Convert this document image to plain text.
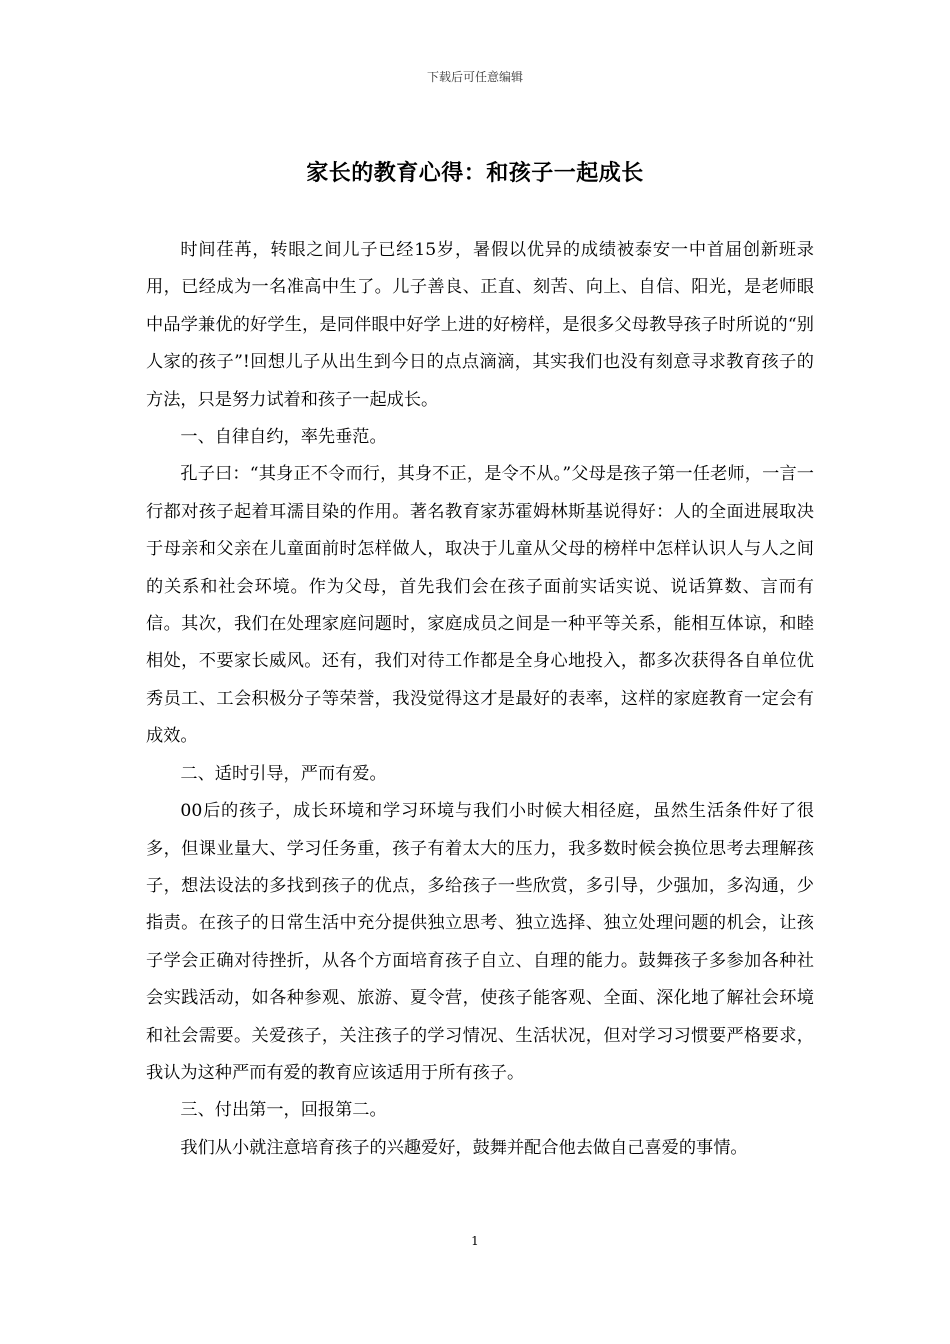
下载后可任意编辑
家长的教育心得：和孩子一起成长

时间荏苒，转眼之间儿子已经15岁，暑假以优异的成绩被泰安一中首届创新班录用，已经成为一名准高中生了。儿子善良、正直、刻苦、向上、自信、阳光，是老师眼中品学兼优的好学生，是同伴眼中好学上进的好榜样，是很多父母教导孩子时所说的“别人家的孩子”!回想儿子从出生到今日的点点滴滴，其实我们也没有刻意寻求教育孩子的方法，只是努力试着和孩子一起成长。

一、自律自约，率先垂范。

孔子曰：“其身正不令而行，其身不正，是令不从。”父母是孩子第一任老师，一言一行都对孩子起着耳濡目染的作用。著名教育家苏霍姆林斯基说得好：人的全面进展取决于母亲和父亲在儿童面前时怎样做人，取决于儿童从父母的榜样中怎样认识人与人之间的关系和社会环境。作为父母，首先我们会在孩子面前实话实说、说话算数、言而有信。其次，我们在处理家庭问题时，家庭成员之间是一种平等关系，能相互体谅，和睦相处，不要家长威风。还有，我们对待工作都是全身心地投入，都多次获得各自单位优秀员工、工会积极分子等荣誉，我没觉得这才是最好的表率，这样的家庭教育一定会有成效。

二、适时引导，严而有爱。

00后的孩子，成长环境和学习环境与我们小时候大相径庭，虽然生活条件好了很多，但课业量大、学习任务重，孩子有着太大的压力，我多数时候会换位思考去理解孩子，想法设法的多找到孩子的优点，多给孩子一些欣赏，多引导，少强加，多沟通，少指责。在孩子的日常生活中充分提供独立思考、独立选择、独立处理问题的机会，让孩子学会正确对待挫折，从各个方面培育孩子自立、自理的能力。鼓舞孩子多参加各种社会实践活动，如各种参观、旅游、夏令营，使孩子能客观、全面、深化地了解社会环境和社会需要。关爱孩子，关注孩子的学习情况、生活状况，但对学习习惯要严格要求，我认为这种严而有爱的教育应该适用于所有孩子。

三、付出第一，回报第二。

我们从小就注意培育孩子的兴趣爱好，鼓舞并配合他去做自己喜爱的事情。

1
